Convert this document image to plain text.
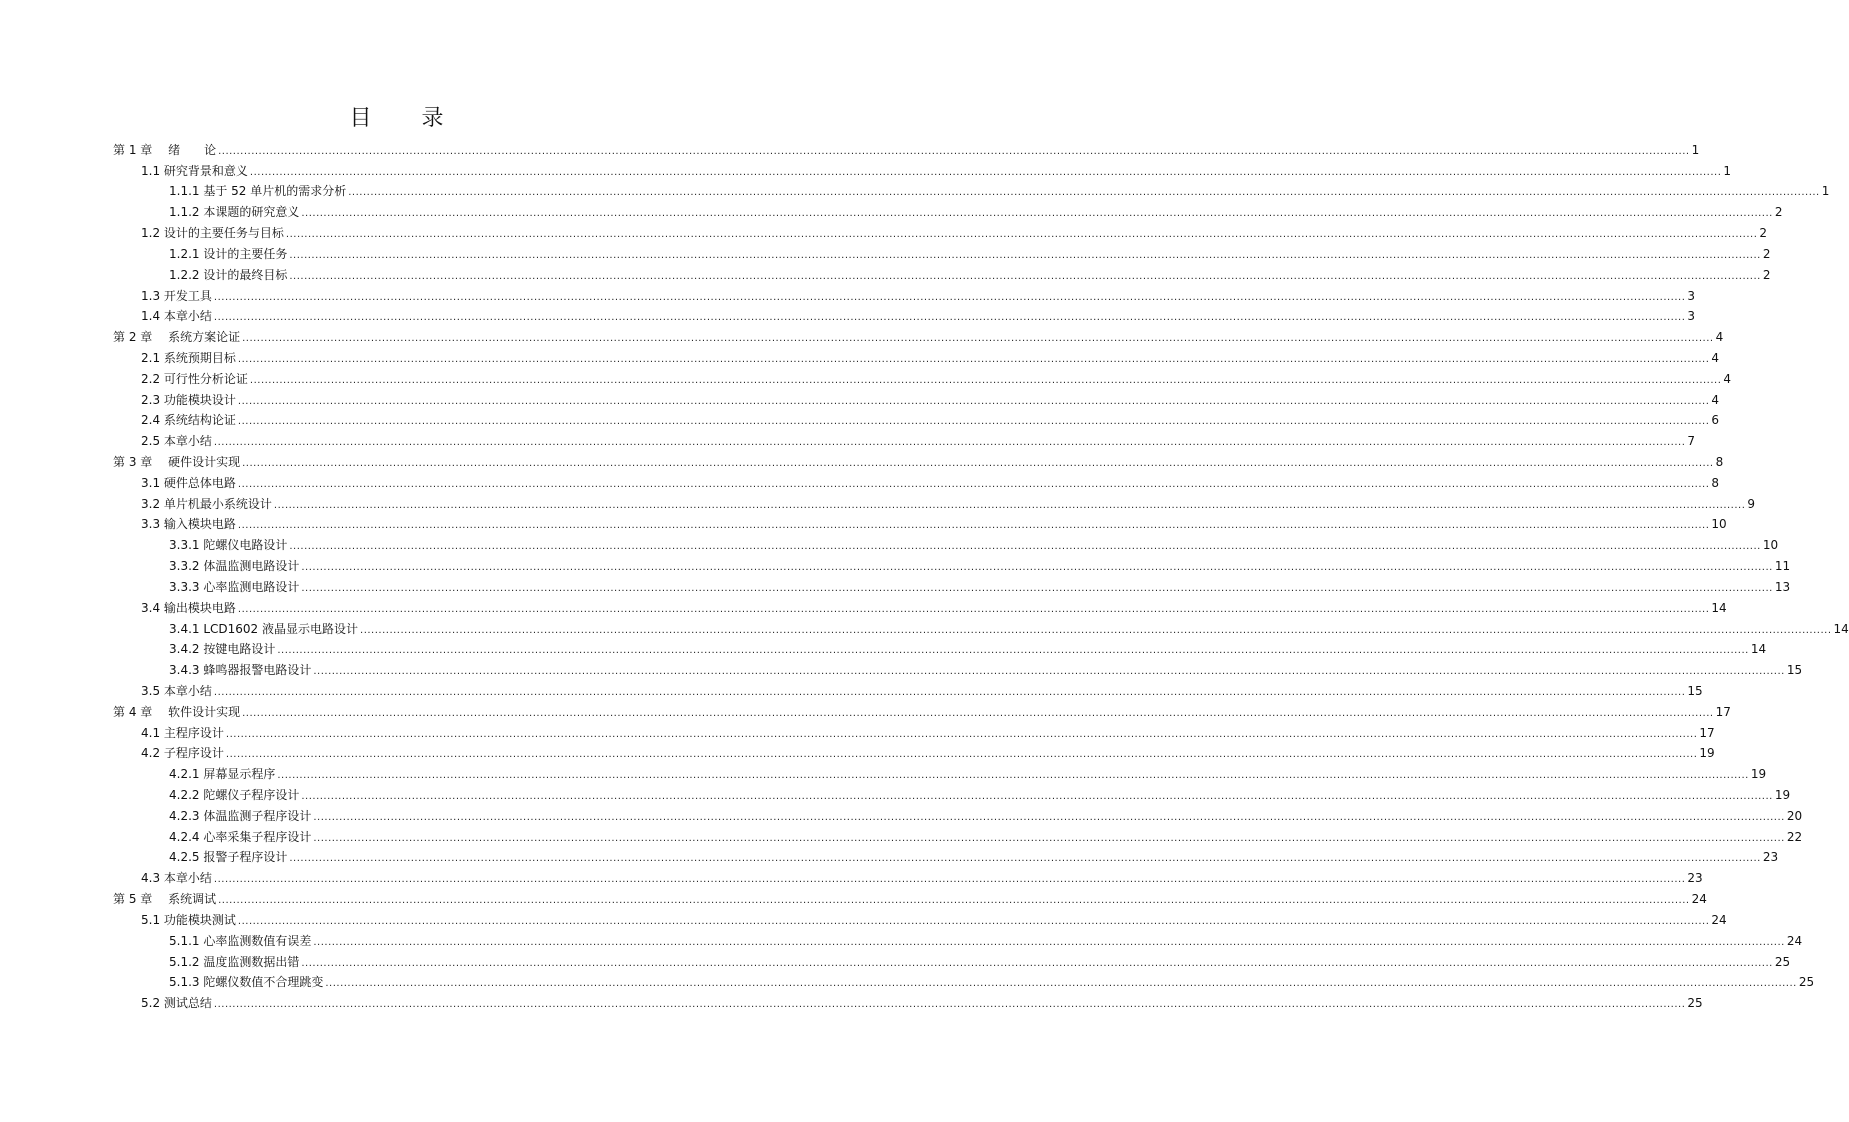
目　录
第 1 章　 绪　　论 ................................................................................................................................................................................................................................................................................................................................................................................................................ 1
1.1 研究背景和意义 ................................................................................................................................................................................................................................................................................................................................................................................................................ 1
1.1.1 基于 52 单片机的需求分析 ................................................................................................................................................................................................................................................................................................................................................................................................................ 1
1.1.2 本课题的研究意义 ................................................................................................................................................................................................................................................................................................................................................................................................................ 2
1.2 设计的主要任务与目标 ................................................................................................................................................................................................................................................................................................................................................................................................................ 2
1.2.1 设计的主要任务 ................................................................................................................................................................................................................................................................................................................................................................................................................ 2
1.2.2 设计的最终目标 ................................................................................................................................................................................................................................................................................................................................................................................................................ 2
1.3 开发工具 ................................................................................................................................................................................................................................................................................................................................................................................................................ 3
1.4 本章小结 ................................................................................................................................................................................................................................................................................................................................................................................................................ 3
第 2 章　 系统方案论证 ................................................................................................................................................................................................................................................................................................................................................................................................................ 4
2.1 系统预期目标 ................................................................................................................................................................................................................................................................................................................................................................................................................ 4
2.2 可行性分析论证 ................................................................................................................................................................................................................................................................................................................................................................................................................ 4
2.3 功能模块设计 ................................................................................................................................................................................................................................................................................................................................................................................................................ 4
2.4 系统结构论证 ................................................................................................................................................................................................................................................................................................................................................................................................................ 6
2.5 本章小结 ................................................................................................................................................................................................................................................................................................................................................................................................................ 7
第 3 章　 硬件设计实现 ................................................................................................................................................................................................................................................................................................................................................................................................................ 8
3.1 硬件总体电路 ................................................................................................................................................................................................................................................................................................................................................................................................................ 8
3.2 单片机最小系统设计 ................................................................................................................................................................................................................................................................................................................................................................................................................ 9
3.3 输入模块电路 ................................................................................................................................................................................................................................................................................................................................................................................................................ 10
3.3.1 陀螺仪电路设计 ................................................................................................................................................................................................................................................................................................................................................................................................................ 10
3.3.2 体温监测电路设计 ................................................................................................................................................................................................................................................................................................................................................................................................................ 11
3.3.3 心率监测电路设计 ................................................................................................................................................................................................................................................................................................................................................................................................................ 13
3.4 输出模块电路 ................................................................................................................................................................................................................................................................................................................................................................................................................ 14
3.4.1 LCD1602 液晶显示电路设计 ................................................................................................................................................................................................................................................................................................................................................................................................................ 14
3.4.2 按键电路设计 ................................................................................................................................................................................................................................................................................................................................................................................................................ 14
3.4.3 蜂鸣器报警电路设计 ................................................................................................................................................................................................................................................................................................................................................................................................................ 15
3.5 本章小结 ................................................................................................................................................................................................................................................................................................................................................................................................................ 15
第 4 章　 软件设计实现 ................................................................................................................................................................................................................................................................................................................................................................................................................ 17
4.1 主程序设计 ................................................................................................................................................................................................................................................................................................................................................................................................................ 17
4.2 子程序设计 ................................................................................................................................................................................................................................................................................................................................................................................................................ 19
4.2.1 屏幕显示程序 ................................................................................................................................................................................................................................................................................................................................................................................................................ 19
4.2.2 陀螺仪子程序设计 ................................................................................................................................................................................................................................................................................................................................................................................................................ 19
4.2.3 体温监测子程序设计 ................................................................................................................................................................................................................................................................................................................................................................................................................ 20
4.2.4 心率采集子程序设计 ................................................................................................................................................................................................................................................................................................................................................................................................................ 22
4.2.5 报警子程序设计 ................................................................................................................................................................................................................................................................................................................................................................................................................ 23
4.3 本章小结 ................................................................................................................................................................................................................................................................................................................................................................................................................ 23
第 5 章　 系统调试 ................................................................................................................................................................................................................................................................................................................................................................................................................ 24
5.1 功能模块测试 ................................................................................................................................................................................................................................................................................................................................................................................................................ 24
5.1.1 心率监测数值有误差 ................................................................................................................................................................................................................................................................................................................................................................................................................ 24
5.1.2 温度监测数据出错 ................................................................................................................................................................................................................................................................................................................................................................................................................ 25
5.1.3 陀螺仪数值不合理跳变 ................................................................................................................................................................................................................................................................................................................................................................................................................ 25
5.2 测试总结 ................................................................................................................................................................................................................................................................................................................................................................................................................ 25
